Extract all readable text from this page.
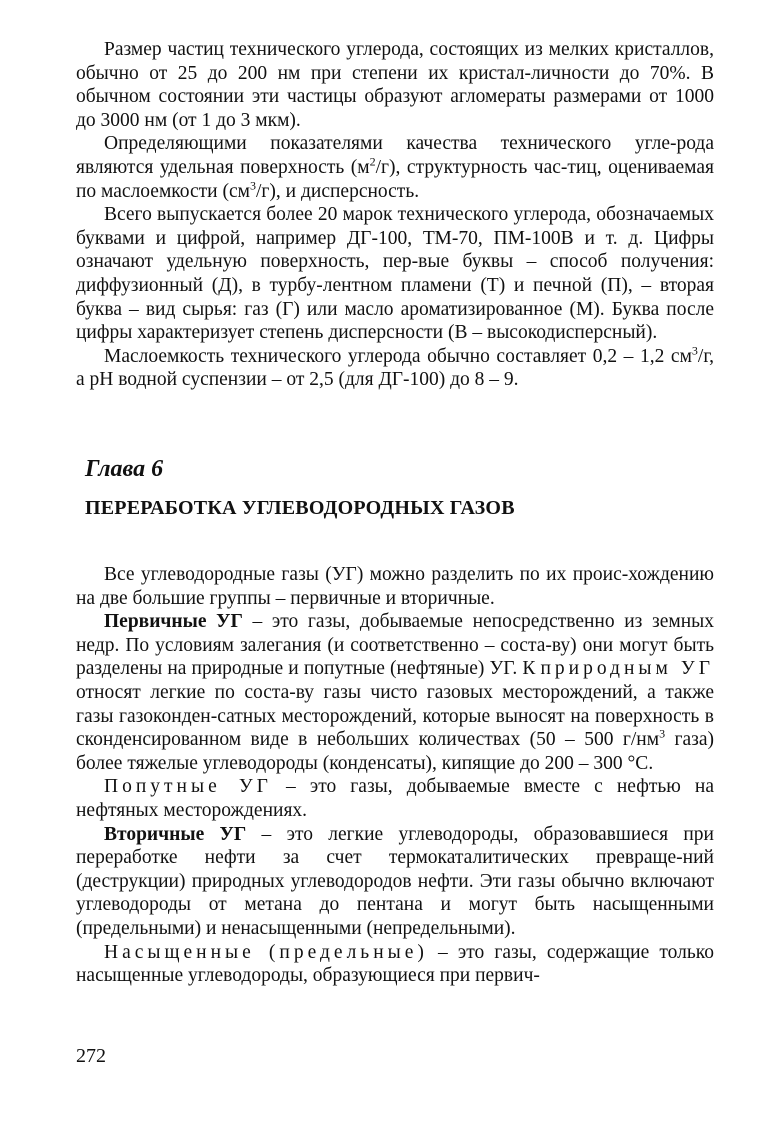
Размер частиц технического углерода, состоящих из мелких кристаллов, обычно от 25 до 200 нм при степени их кристал-личности до 70%. В обычном состоянии эти частицы образуют агломераты размерами от 1000 до 3000 нм (от 1 до 3 мкм).

Определяющими показателями качества технического угле-рода являются удельная поверхность $(м^2/г)$, структурность час-тиц, оцениваемая по маслоемкости $(см^3/г)$, и дисперсность.

Всего выпускается более 20 марок технического углерода, обозначаемых буквами и цифрой, например ДГ-100, ТМ-70, ПМ-100В и т. д. Цифры означают удельную поверхность, пер-вые буквы – способ получения: диффузионный (Д), в турбу-лентном пламени (Т) и печной (П), – вторая буква – вид сырья: газ (Г) или масло ароматизированное (М). Буква после цифры характеризует степень дисперсности (В – высокодисперсный).

Маслоемкость технического углерода обычно составляет 0,2 – 1,2 $см^3/г$, а рН водной суспензии – от 2,5 (для ДГ-100) до 8 – 9.

Глава 6
ПЕРЕРАБОТКА УГЛЕВОДОРОДНЫХ ГАЗОВ

Все углеводородные газы (УГ) можно разделить по их проис-хождению на две большие группы – первичные и вторичные.

Первичные УГ – это газы, добываемые непосредственно из земных недр. По условиям залегания (и соответственно – соста-ву) они могут быть разделены на природные и попутные (нефтяные) УГ. К природным УГ относят легкие по соста-ву газы чисто газовых месторождений, а также газы газоконден-сатных месторождений, которые выносят на поверхность в сконденсированном виде в небольших количествах (50 – 500 $г/нм^3$ газа) более тяжелые углеводороды (конденсаты), кипящие до 200 – 300 °С.

Попутные УГ – это газы, добываемые вместе с нефтью на нефтяных месторождениях.

Вторичные УГ – это легкие углеводороды, образовавшиеся при переработке нефти за счет термокаталитических превраще-ний (деструкции) природных углеводородов нефти. Эти газы обычно включают углеводороды от метана до пентана и могут быть насыщенными (предельными) и ненасыщенными (непредельными).

Насыщенные (предельные) – это газы, содержащие только насыщенные углеводороды, образующиеся при первич-

272
